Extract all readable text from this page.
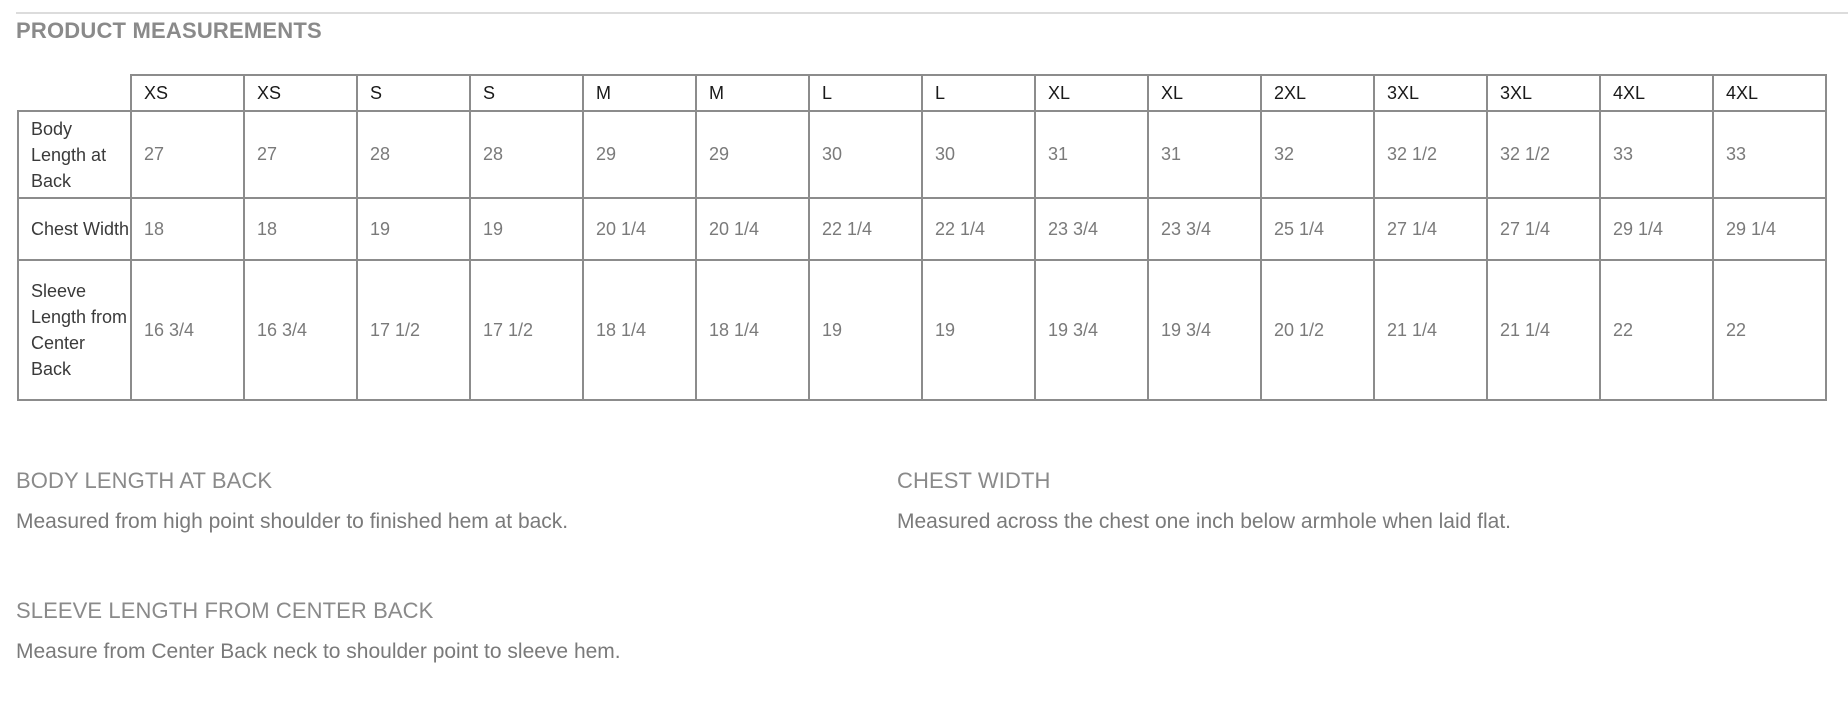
PRODUCT MEASUREMENTS
	XS	XS	S	S	M	M	L	L	XL	XL	2XL	3XL	3XL	4XL	4XL
Body Length at Back	27	27	28	28	29	29	30	30	31	31	32	32 1/2	32 1/2	33	33
Chest Width	18	18	19	19	20 1/4	20 1/4	22 1/4	22 1/4	23 3/4	23 3/4	25 1/4	27 1/4	27 1/4	29 1/4	29 1/4
Sleeve Length from Center Back	16 3/4	16 3/4	17 1/2	17 1/2	18 1/4	18 1/4	19	19	19 3/4	19 3/4	20 1/2	21 1/4	21 1/4	22	22
BODY LENGTH AT BACK

Measured from high point shoulder to finished hem at back.

CHEST WIDTH

Measured across the chest one inch below armhole when laid flat.

SLEEVE LENGTH FROM CENTER BACK

Measure from Center Back neck to shoulder point to sleeve hem.
